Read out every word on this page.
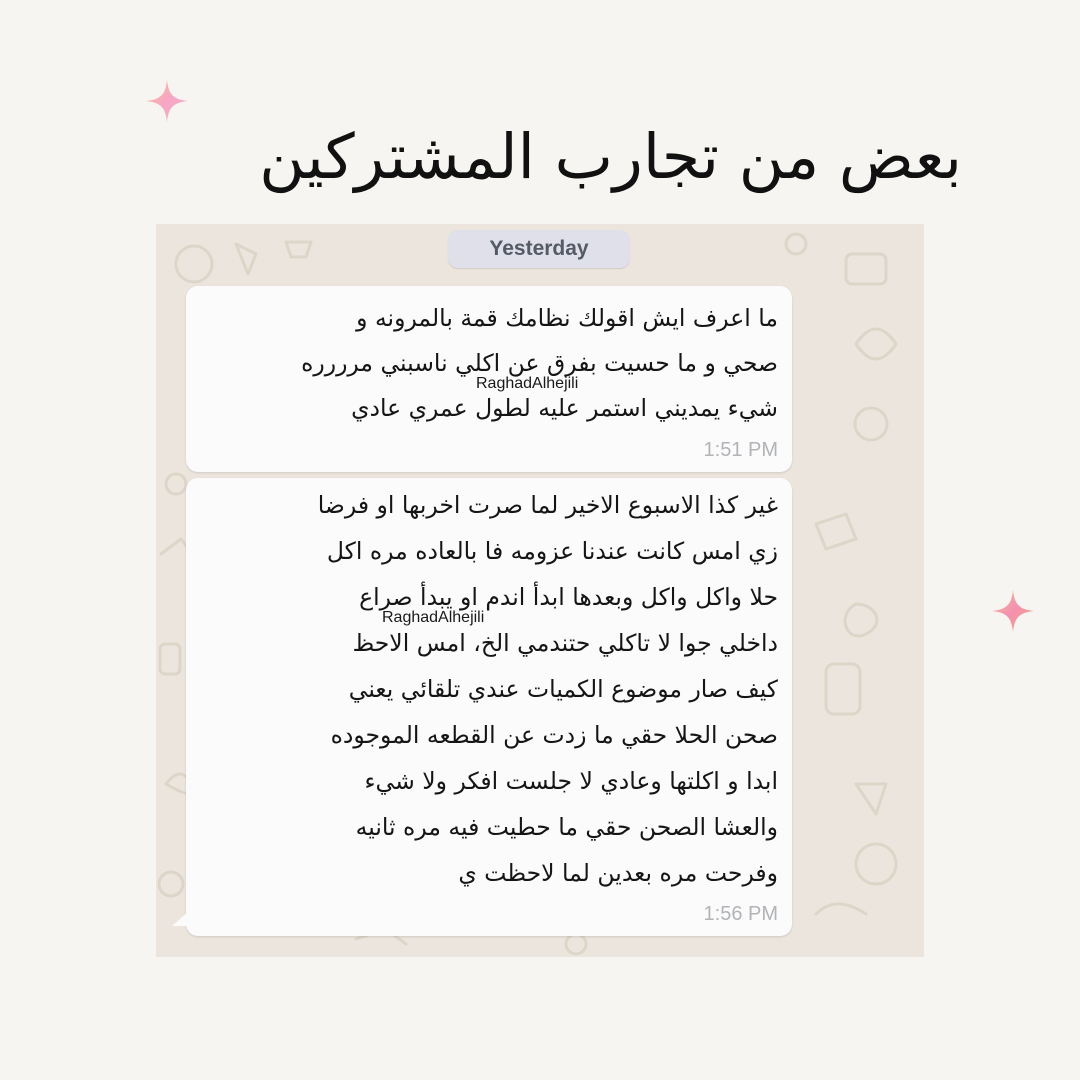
بعض من تجارب المشتركين
Yesterday
ما اعرف ايش اقولك نظامك قمة بالمرونه و
صحي و ما حسيت بفرق عن اكلي ناسبني مرررره
شيء يمديني استمر عليه لطول عمري عادي
1:51 PM
غير كذا الاسبوع الاخير لما صرت اخربها او فرضا
زي امس كانت عندنا عزومه فا بالعاده مره اكل
حلا واكل واكل وبعدها ابدأ اندم او يبدأ صراع
داخلي جوا لا تاكلي حتندمي الخ، امس الاحظ
كيف صار موضوع الكميات عندي تلقائي يعني
صحن الحلا حقي ما زدت عن القطعه الموجوده
ابدا و اكلتها وعادي لا جلست افكر ولا شيء
والعشا الصحن حقي ما حطيت فيه مره ثانيه
وفرحت مره بعدين لما لاحظت ي
1:56 PM
RaghadAlhejili
RaghadAlhejili
